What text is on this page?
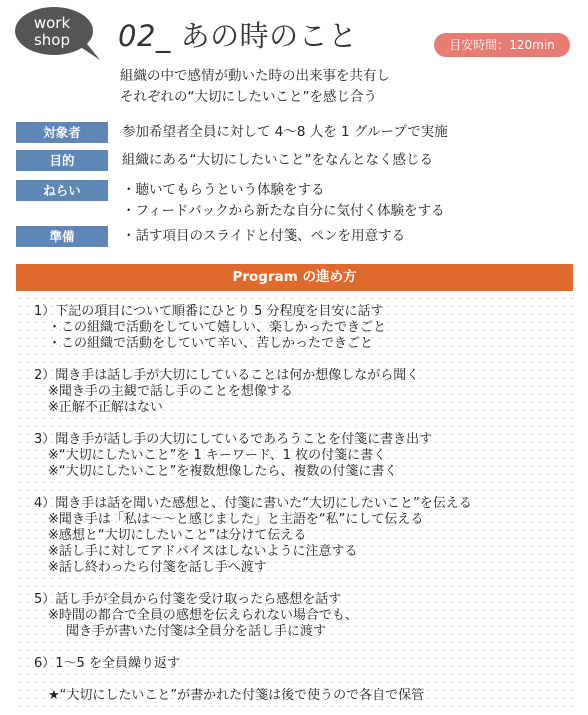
work
shop	02_ あの時のこと	目安時間：120min
組織の中で感情が動いた時の出来事を共有し
それぞれの“大切にしたいこと”を感じ合う
対象者	参加希望者全員に対して 4〜8 人を 1 グループで実施
目的	組織にある“大切にしたいこと”をなんとなく感じる
ねらい	・聴いてもらうという体験をする
・フィードバックから新たな自分に気付く体験をする
準備	・話す項目のスライドと付箋、ペンを用意する
Program の進め方
1）下記の項目について順番にひとり 5 分程度を目安に話す
・この組織で活動をしていて嬉しい、楽しかったできごと
・この組織で活動をしていて辛い、苦しかったできごと
2）聞き手は話し手が大切にしていることは何か想像しながら聞く
※聞き手の主観で話し手のことを想像する
※正解不正解はない
3）聞き手が話し手の大切にしているであろうことを付箋に書き出す
※“大切にしたいこと”を 1 キーワード、1 枚の付箋に書く
※“大切にしたいこと”を複数想像したら、複数の付箋に書く
4）聞き手は話を聞いた感想と、付箋に書いた“大切にしたいこと”を伝える
※聞き手は「私は〜〜と感じました」と主語を“私”にして伝える
※感想と“大切にしたいこと”は分けて伝える
※話し手に対してアドバイスはしないように注意する
※話し終わったら付箋を話し手へ渡す
5）話し手が全員から付箋を受け取ったら感想を話す
※時間の都合で全員の感想を伝えられない場合でも、
聞き手が書いた付箋は全員分を話し手に渡す
6）1〜5 を全員繰り返す
★“大切にしたいこと”が書かれた付箋は後で使うので各自で保管
